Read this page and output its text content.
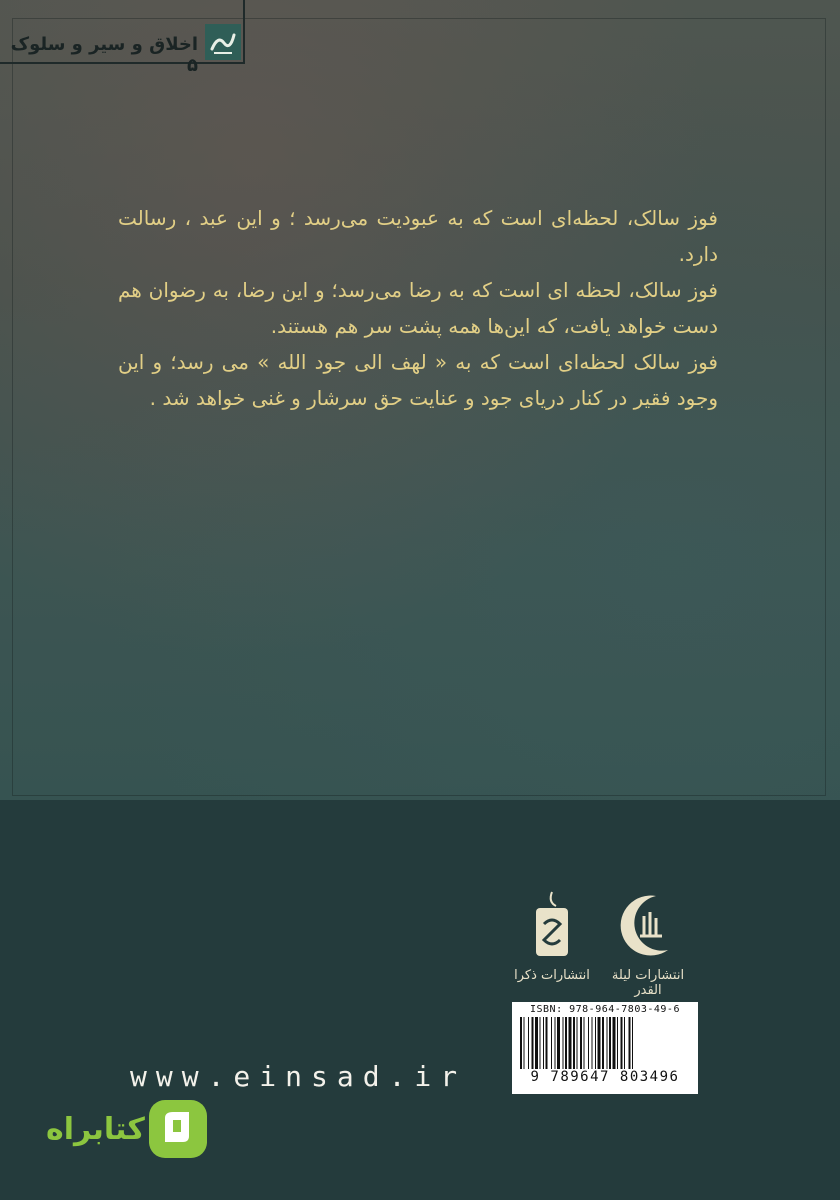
اخلاق و سیر و سلوک ۵

فوز سالک، لحظه‌ای است که به عبودیت می‌رسد ؛ و این عبد ، رسالت دارد.

فوز سالک، لحظه ای است که به رضا می‌رسد؛ و این رضا، به رضوان هم دست خواهد یافت، که این‌ها همه پشت سر هم هستند.

فوز سالک لحظه‌ای است که به « لهف الی جود الله » می رسد؛ و این وجود فقیر در کنار دریای جود و عنایت حق سرشار و غنی خواهد شد .

انتشارات لیلة القدر
انتشارات ذکرا
ISBN: 978-964-7803-49-6
9 789647 803496
www.einsad.ir
کتابراه
